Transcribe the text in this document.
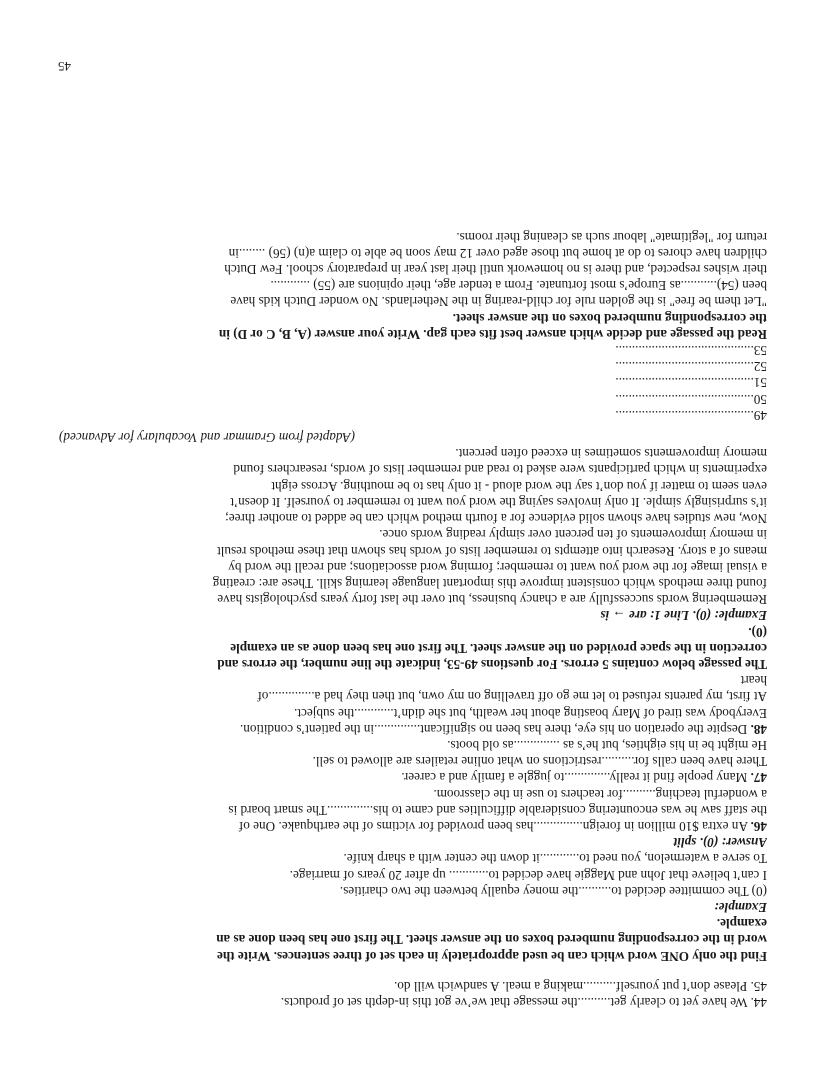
44. We have yet to clearly get..........the message that we’ve got this in-depth set of products.
45. Please don’t put yourself..........making a meal. A sandwich will do.
Find the only ONE word which can be used appropriately in each set of three sentences. Write the
word in the corresponding numbered boxes on the answer sheet. The first one has been done as an
example.
Example:
(0) The committee decided to..........the money equally between the two charities.
I can’t believe that John and Maggie have decided to............ up after 20 years of marriage.
To serve a watermelon, you need to............it down the center with a sharp knife.
Answer: (0). split
46. An extra $10 million in foreign...............has been provided for victims of the earthquake. One of
the staff saw he was encountering considerable difficulties and came to his..............The smart board is
a wonderful teaching..........for teachers to use in the classroom.
47. Many people find it really..............to juggle a family and a career.
There have been calls for..........restrictions on what online retailers are allowed to sell.
He might be in his eighties, but he’s as ..............as old boots.
48. Despite the operation on his eye, there has been no significant..............in the patient’s condition.
Everybody was tired of Mary boasting about her wealth, but she didn’t............the subject.
At first, my parents refused to let me go off travelling on my own, but then they had a..............of
heart
The passage below contains 5 errors. For questions 49-53, indicate the line number, the errors and
correction in the space provided on the answer sheet. The first one has been done as an example
(0).
Example: (0). Line 1: are → is
Remembering words successfully are a chancy business, but over the last forty years psychologists have
found three methods which consistent improve this important language learning skill. These are: creating
a visual image for the word you want to remember; forming word associations; and recall the word by
means of a story. Research into attempts to remember lists of words has shown that these methods result
in memory improvements of ten percent over simply reading words once.
Now, new studies have shown solid evidence for a fourth method which can be added to another three;
it’s surprisingly simple. It only involves saying the word you want to remember to yourself. It doesn’t
even seem to matter if you don’t say the word aloud - it only has to be mouthing. Across eight
experiments in which participants were asked to read and remember lists of words, researchers found
memory improvements sometimes in exceed often percent.
(Adapted from Grammar and Vocabulary for Advanced)
49..........................................
50..........................................
51..........................................
52..........................................
53..........................................
Read the passage and decide which answer best fits each gap. Write your answer (A, B, C or D) in
the corresponding numbered boxes on the answer sheet.
"Let them be free" is the golden rule for child-rearing in the Netherlands. No wonder Dutch kids have
been (54)...........as Europe’s most fortunate. From a tender age, their opinions are (55) ............
their wishes respected, and there is no homework until their last year in preparatory school. Few Dutch
children have chores to do at home but those aged over 12 may soon be able to claim a(n) (56) ........in
return for "legitimate" labour such as cleaning their rooms.
45
